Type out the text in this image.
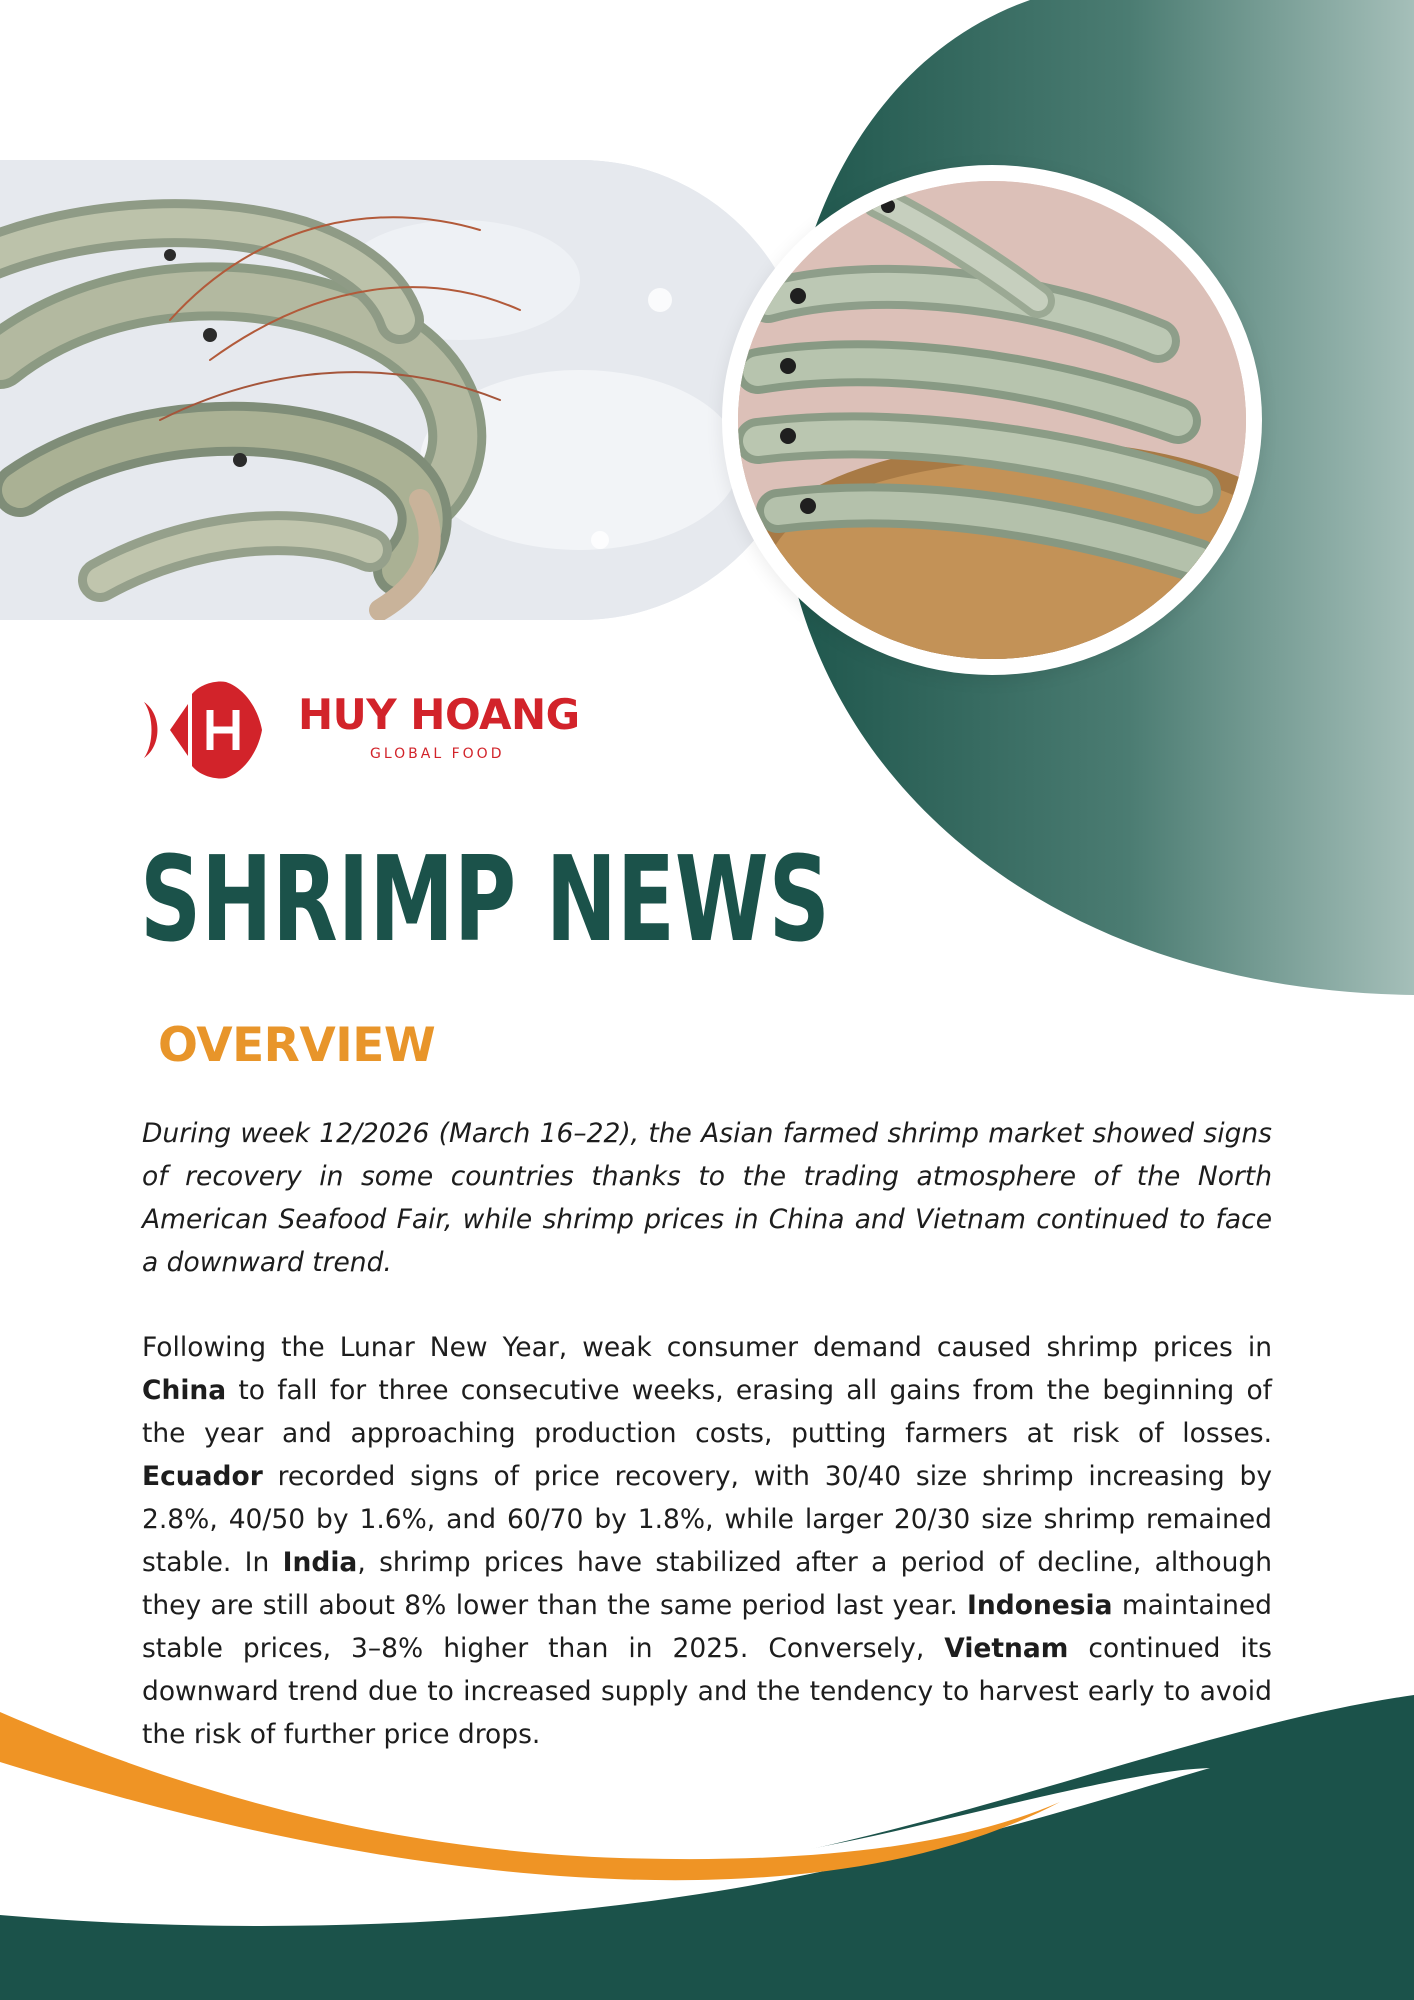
HUY HOANG
GLOBAL FOOD
SHRIMP NEWS
OVERVIEW

During week 12/2026 (March 16–22), the Asian farmed shrimp market showed signs of recovery in some countries thanks to the trading atmosphere of the North American Seafood Fair, while shrimp prices in China and Vietnam continued to face a downward trend.

Following the Lunar New Year, weak consumer demand caused shrimp prices in China to fall for three consecutive weeks, erasing all gains from the beginning of the year and approaching production costs, putting farmers at risk of losses. Ecuador recorded signs of price recovery, with 30/40 size shrimp increasing by 2.8%, 40/50 by 1.6%, and 60/70 by 1.8%, while larger 20/30 size shrimp remained stable. In India, shrimp prices have stabilized after a period of decline, although they are still about 8% lower than the same period last year. Indonesia maintained stable prices, 3–8% higher than in 2025. Conversely, Vietnam continued its downward trend due to increased supply and the tendency to harvest early to avoid the risk of further price drops.
